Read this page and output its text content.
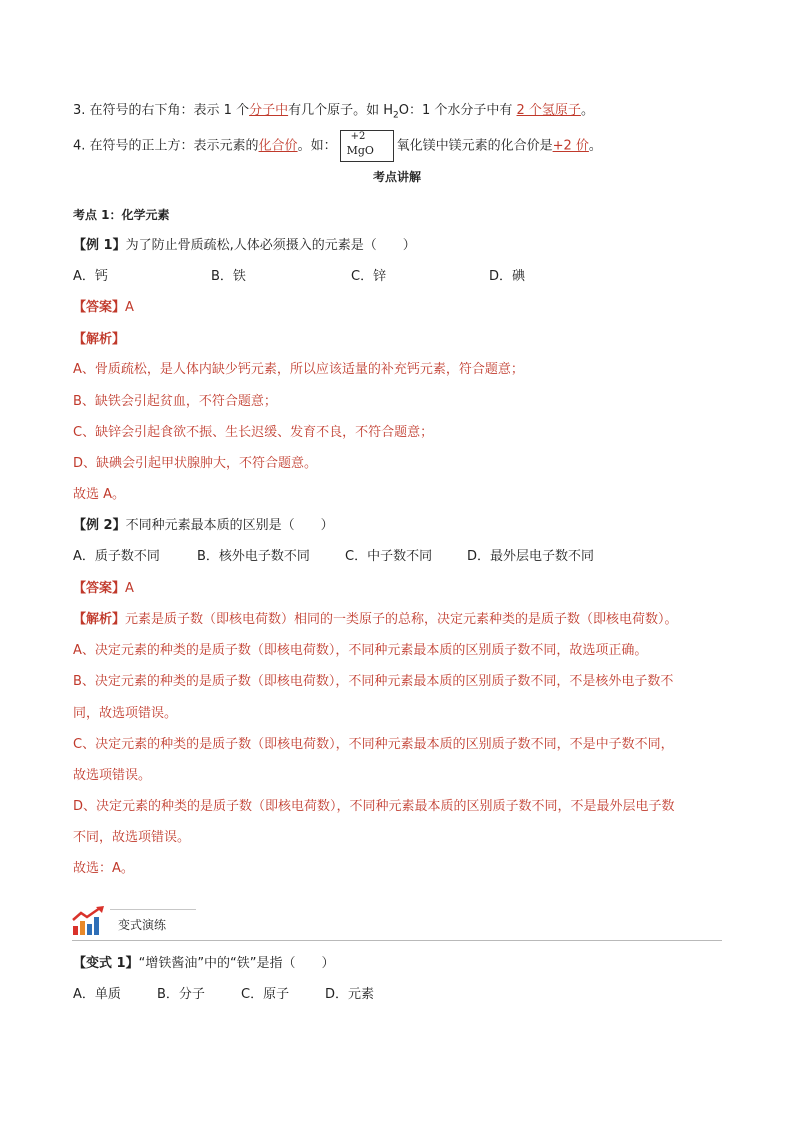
3. 在符号的右下角：表示 1 个分子中有几个原子。如 $H_2O$：1 个水分子中有 2 个氢原子。
4. 在符号的正上方：表示元素的化合价。如：
+2
MgO 氧化镁中镁元素的化合价是+2 价。
考点讲解
考点 1：化学元素
【例 1】为了防止骨质疏松,人体必须摄入的元素是（　　）
A．钙	B．铁	C．锌	D．碘
【答案】A
【解析】
A、骨质疏松，是人体内缺少钙元素，所以应该适量的补充钙元素，符合题意；
B、缺铁会引起贫血，不符合题意；
C、缺锌会引起食欲不振、生长迟缓、发育不良，不符合题意；
D、缺碘会引起甲状腺肿大，不符合题意。
故选 A。
【例 2】不同种元素最本质的区别是（　　）
A．质子数不同	B．核外电子数不同	C．中子数不同	D．最外层电子数不同
【答案】A
【解析】元素是质子数（即核电荷数）相同的一类原子的总称，决定元素种类的是质子数（即核电荷数）。
A、决定元素的种类的是质子数（即核电荷数），不同种元素最本质的区别质子数不同，故选项正确。
B、决定元素的种类的是质子数（即核电荷数），不同种元素最本质的区别质子数不同，不是核外电子数不
同，故选项错误。
C、决定元素的种类的是质子数（即核电荷数），不同种元素最本质的区别质子数不同，不是中子数不同，
故选项错误。
D、决定元素的种类的是质子数（即核电荷数），不同种元素最本质的区别质子数不同，不是最外层电子数
不同，故选项错误。
故选：A。
变式演练
【变式 1】“增铁酱油”中的“铁”是指（　　）
A．单质	B．分子	C．原子	D．元素
